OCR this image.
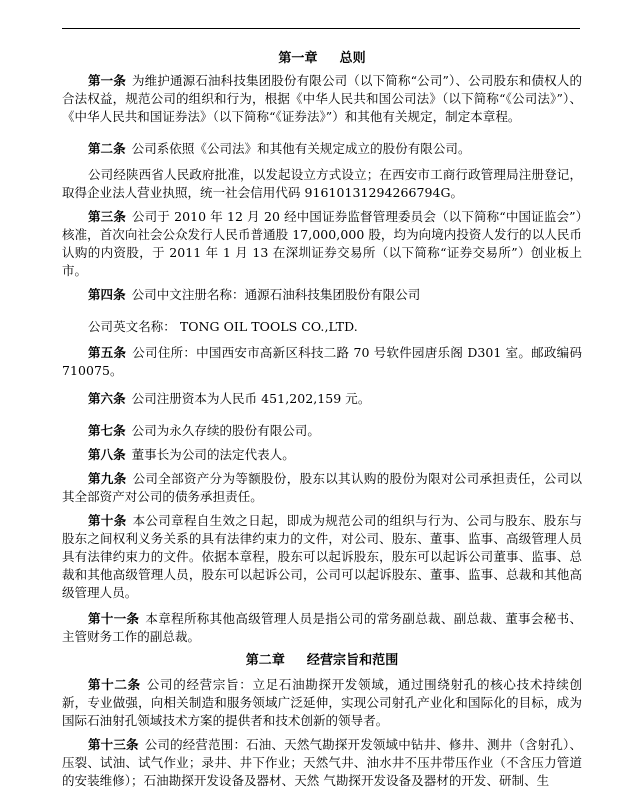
第一章 总则

第一条 为维护通源石油科技集团股份有限公司（以下简称“公司”）、公司股东和债权人的合法权益，规范公司的组织和行为，根据《中华人民共和国公司法》（以下简称“《公司法》”）、《中华人民共和国证券法》（以下简称“《证券法》”）和其他有关规定，制定本章程。

第二条 公司系依照《公司法》和其他有关规定成立的股份有限公司。

公司经陕西省人民政府批准，以发起设立方式设立；在西安市工商行政管理局注册登记，取得企业法人营业执照，统一社会信用代码 9161013129426​6794G。

第三条 公司于 2010 年 12 月 20 经中国证券监督管理委员会（以下简称“中国证监会”）核准，首次向社会公众发行人民币普通股 17,000,000 股，均为向境内投资人发行的以人民币认购的内资股，于 2011 年 1 月 13 在深圳证券交易所（以下简称“证券交易所”）创业板上市。

第四条 公司中文注册名称：通源石油科技集团股份有限公司

公司英文名称： TONG OIL TOOLS CO.,LTD.

第五条 公司住所：中国西安市高新区科技二路 70 号软件园唐乐阁 D301 室。邮政编码 710075。

第六条 公司注册资本为人民币 451,202,159 元。

第七条 公司为永久存续的股份有限公司。

第八条 董事长为公司的法定代表人。

第九条 公司全部资产分为等额股份，股东以其认购的股份为限对公司承担责任，公司以其全部资产对公司的债务承担责任。

第十条 本公司章程自生效之日起，即成为规范公司的组织与行为、公司与股东、股东与股东之间权利义务关系的具有法律约束力的文件，对公司、股东、董事、监事、高级管理人员具有法律约束力的文件。依据本章程，股东可以起诉股东，股东可以起诉公司董事、监事、总裁和其他高级管理人员，股东可以起诉公司，公司可以起诉股东、董事、监事、总裁和其他高级管理人员。

第十一条 本章程所称其他高级管理人员是指公司的常务副总裁、副总裁、董事会秘书、主管财务工作的副总裁。

第二章 经营宗旨和范围

第十二条 公司的经营宗旨：立足石油勘探开发领域，通过围绕射孔的核心技术持续创新，专业做强，向相关制造和服务领域广泛延伸，实现公司射孔产业化和国际化的目标，成为国际石油射孔领域技术方案的提供者和技术创新的领导者。

第十三条 公司的经营范围：石油、天然气勘探开发领域中钻井、修井、测井（含射孔）、压裂、试油、试气作业；录井、井下作业；天然气井、油水井不压井带压作业（不含压力管道的安装维修）；石油勘探开发设备及器材、天然 气勘探开发设备及器材的开发、研制、生
